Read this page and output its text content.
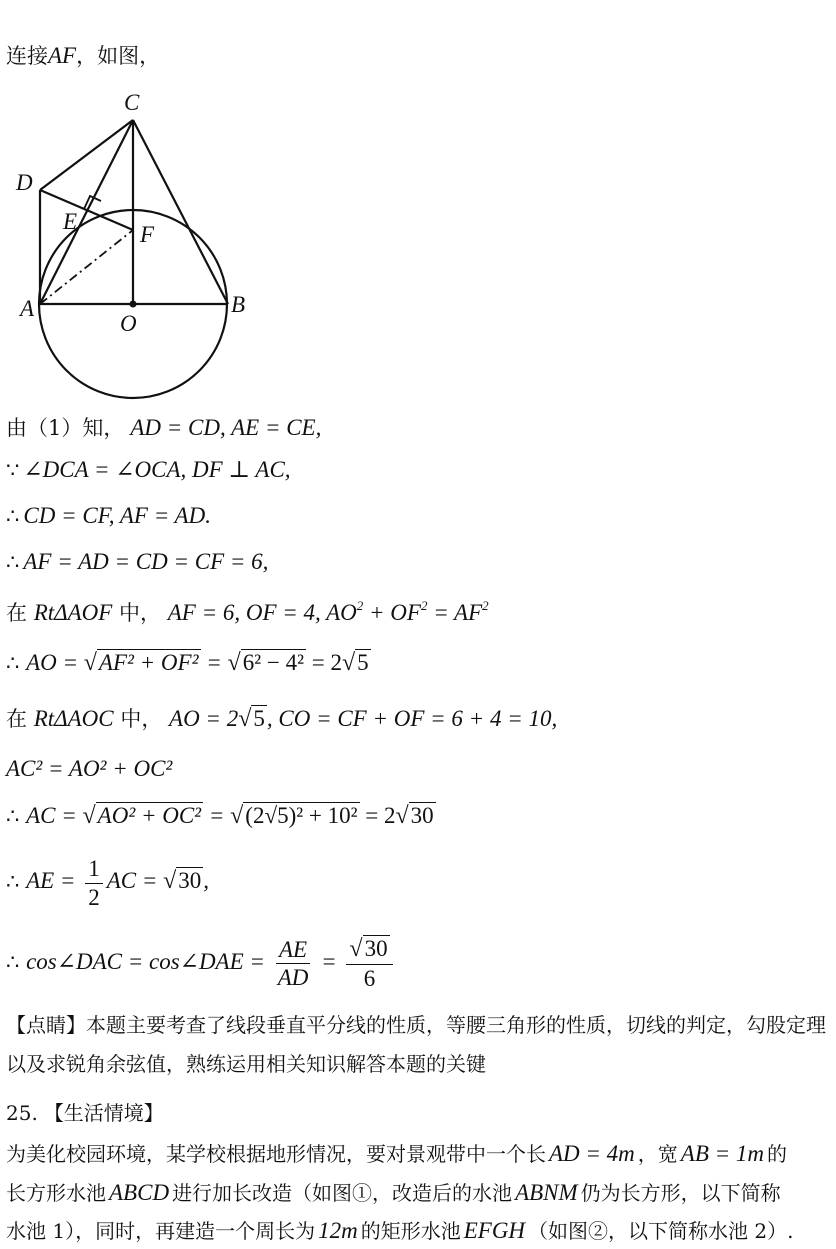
连接AF，如图，
C
D
E
F
A
O
B
由（1）知， AD = CD, AE = CE,
∵ ∠DCA = ∠OCA, DF ⊥ AC,
∴ CD = CF, AF = AD.
∴ AF = AD = CD = CF = 6,
在 RtΔAOF 中， AF = 6, OF = 4, $AO^2 + OF^2 = AF^2$
∴ AO = √AF² + OF² = √6² − 4² = 2√5
在 RtΔAOC 中， AO = 2√5, CO = CF + OF = 6 + 4 = 10,
AC² = AO² + OC²
∴ AC = √AO² + OC² = √(2√5)² + 10² = 2√30
∴ AE = $\frac{1}{2}$ AC = √30,
∴ cos∠DAC = cos∠DAE = $\frac{AE}{AD} = \frac{√30}{6}$
【点睛】本题主要考查了线段垂直平分线的性质，等腰三角形的性质，切线的判定，勾股定理以及求锐角余弦值，熟练运用相关知识解答本题的关键
25. 【生活情境】
为美化校园环境，某学校根据地形情况，要对景观带中一个长 AD = 4m ，宽 AB = 1m 的
长方形水池 ABCD 进行加长改造（如图①，改造后的水池 ABNM 仍为长方形，以下简称
水池 1），同时，再建造一个周长为 12m 的矩形水池 EFGH （如图②，以下简称水池 2）.
